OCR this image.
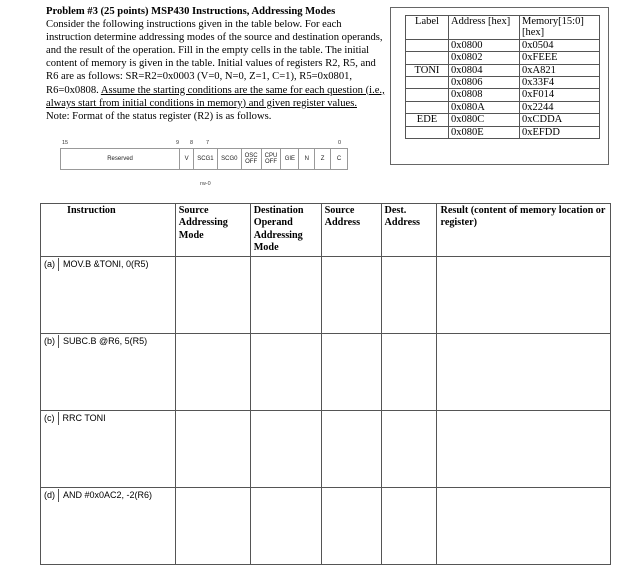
Problem #3 (25 points) MSP430 Instructions, Addressing Modes

Consider the following instructions given in the table below. For each instruction determine addressing modes of the source and destination operands, and the result of the operation. Fill in the empty cells in the table. The initial content of memory is given in the table. Initial values of registers R2, R5, and R6 are as follows: SR=R2=0x0003 (V=0, N=0, Z=1, C=1), R5=0x0801, R6=0x0808. Assume the starting conditions are the same for each question (i.e., always start from initial conditions in memory) and given register values.

Note: Format of the status register (R2) is as follows.

15	9 8 7	0
Reserved	V	SCG1	SCG0	OSC OFF
CPU OFF	GIE	N	Z	C
rw-0
Label	Address [hex]	Memory[15:0] [hex]
	0x0800	0x0504
	0x0802	0xFEEE
TONI	0x0804	0xA821
	0x0806	0x33F4
	0x0808	0xF014
	0x080A	0x2244
EDE	0x080C	0xCDDA
	0x080E	0xEFDD
Instruction	Source Addressing Mode	Destination Operand Addressing Mode	Source Address	Dest. Address	Result (content of memory location or register)
(a) MOV.B &TONI, 0(R5)					
(b) SUBC.B @R6, 5(R5)					
(c) RRC TONI					
(d) AND #0x0AC2, -2(R6)					
